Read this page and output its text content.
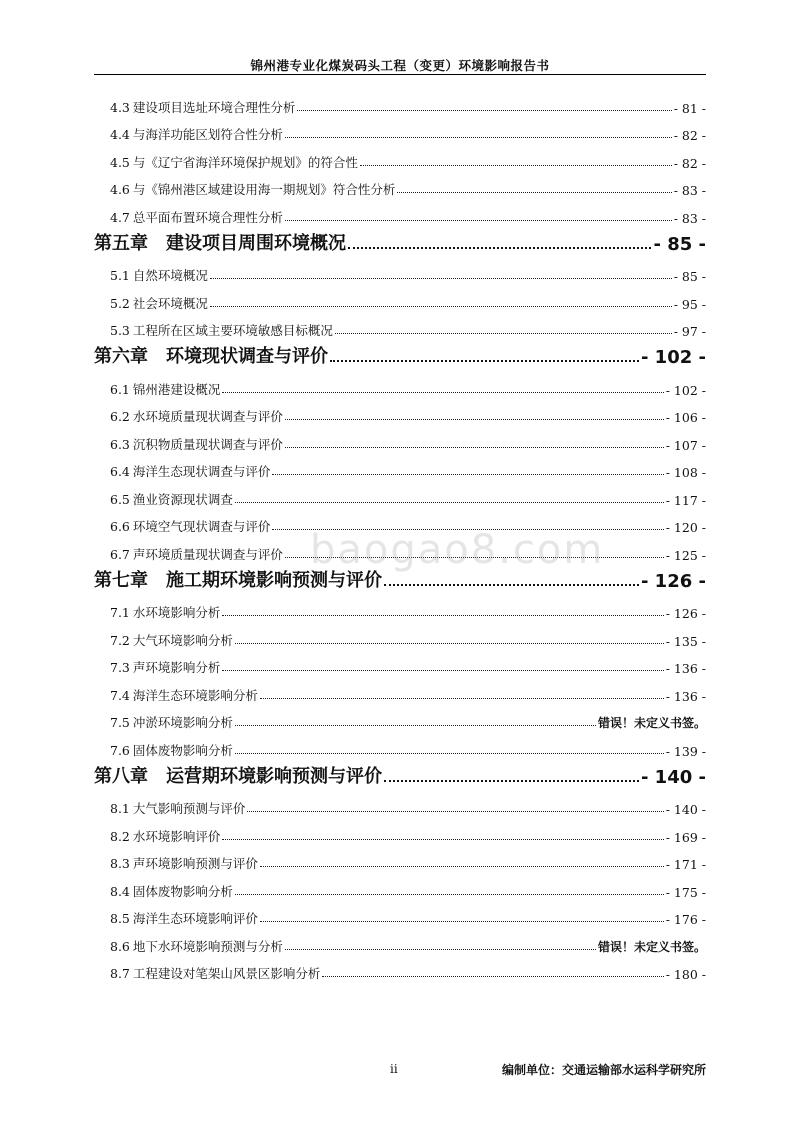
锦州港专业化煤炭码头工程（变更）环境影响报告书
4.3 建设项目选址环境合理性分析	- 81 -
4.4 与海洋功能区划符合性分析	- 82 -
4.5 与《辽宁省海洋环境保护规划》的符合性	- 82 -
4.6 与《锦州港区域建设用海一期规划》符合性分析	- 83 -
4.7 总平面布置环境合理性分析	- 83 -
第五章 建设项目周围环境概况	- 85 -
5.1 自然环境概况	- 85 -
5.2 社会环境概况	- 95 -
5.3 工程所在区域主要环境敏感目标概况	- 97 -
第六章 环境现状调查与评价	- 102 -
6.1 锦州港建设概况	- 102 -
6.2 水环境质量现状调查与评价	- 106 -
6.3 沉积物质量现状调查与评价	- 107 -
6.4 海洋生态现状调查与评价	- 108 -
6.5 渔业资源现状调查	- 117 -
6.6 环境空气现状调查与评价	- 120 -
6.7 声环境质量现状调查与评价	- 125 -
第七章 施工期环境影响预测与评价	- 126 -
7.1 水环境影响分析	- 126 -
7.2 大气环境影响分析	- 135 -
7.3 声环境影响分析	- 136 -
7.4 海洋生态环境影响分析	- 136 -
7.5 冲淤环境影响分析	错误！未定义书签。
7.6 固体废物影响分析	- 139 -
第八章 运营期环境影响预测与评价	- 140 -
8.1 大气影响预测与评价	- 140 -
8.2 水环境影响评价	- 169 -
8.3 声环境影响预测与评价	- 171 -
8.4 固体废物影响分析	- 175 -
8.5 海洋生态环境影响评价	- 176 -
8.6 地下水环境影响预测与分析	错误！未定义书签。
8.7 工程建设对笔架山风景区影响分析	- 180 -
baogao8.com
ii	编制单位：交通运输部水运科学研究所
